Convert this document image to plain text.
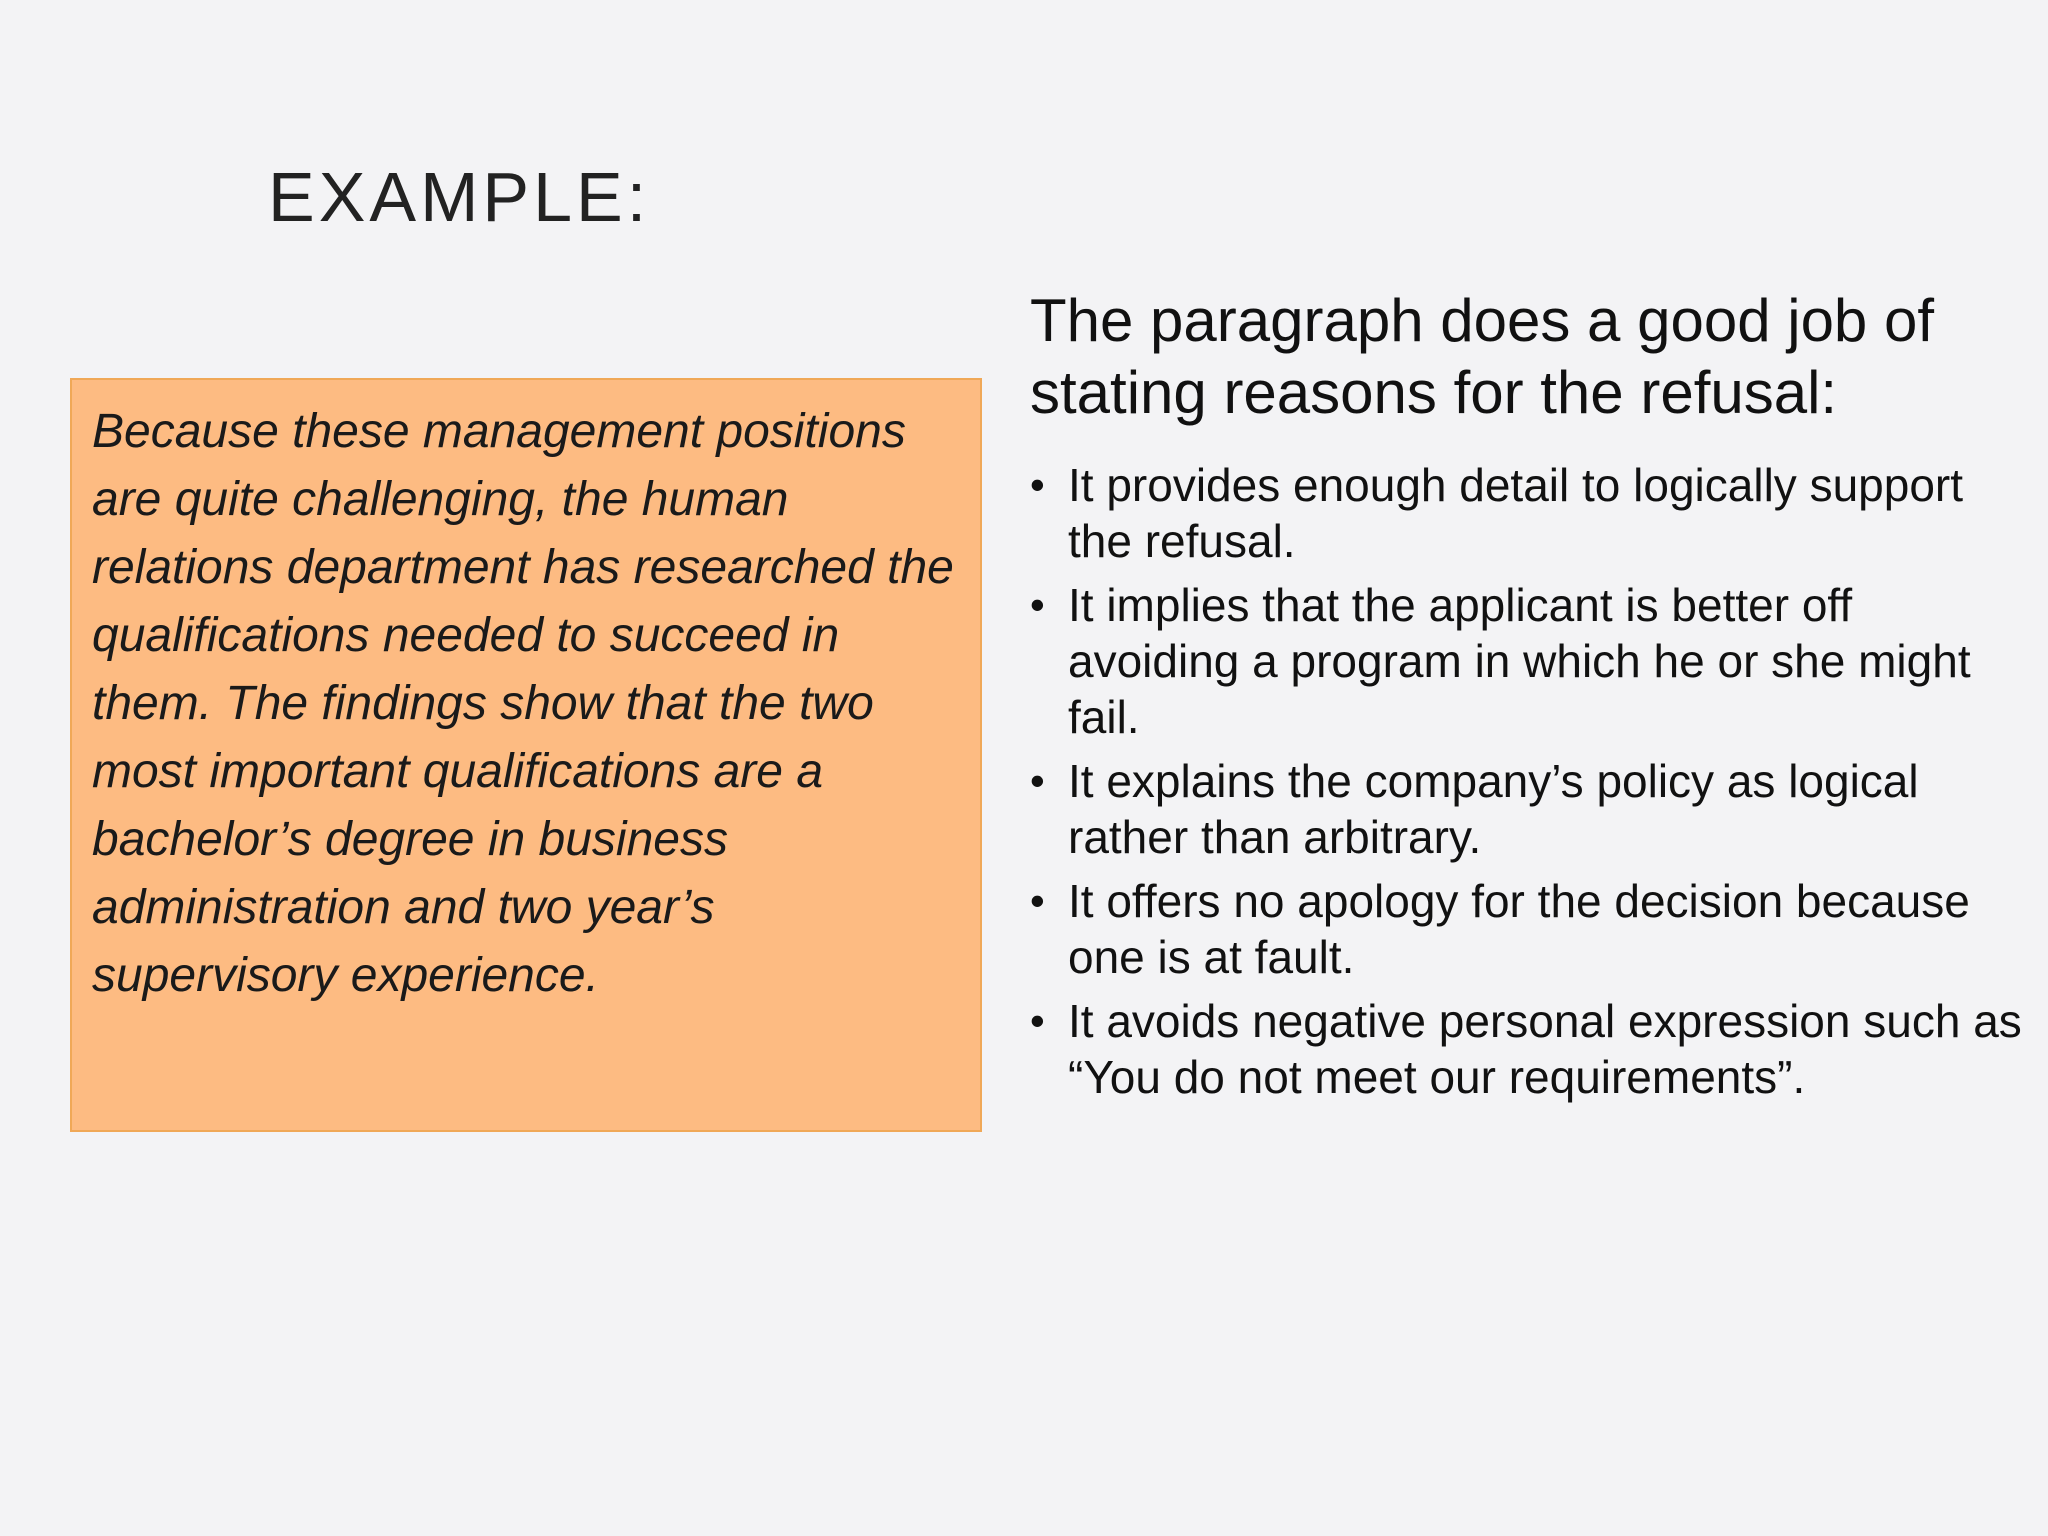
EXAMPLE:

Because these management positions are quite challenging, the human relations department has researched the qualifications needed to succeed in them. The findings show that the two most important qualifications are a bachelor’s degree in business administration and two year’s supervisory experience.

The paragraph does a good job of stating reasons for the refusal:
• It provides enough detail to logically support the refusal.
• It implies that the applicant is better off avoiding a program in which he or she might fail.
• It explains the company’s policy as logical rather than arbitrary.
• It offers no apology for the decision because one is at fault.
• It avoids negative personal expression such as “You do not meet our requirements”.
